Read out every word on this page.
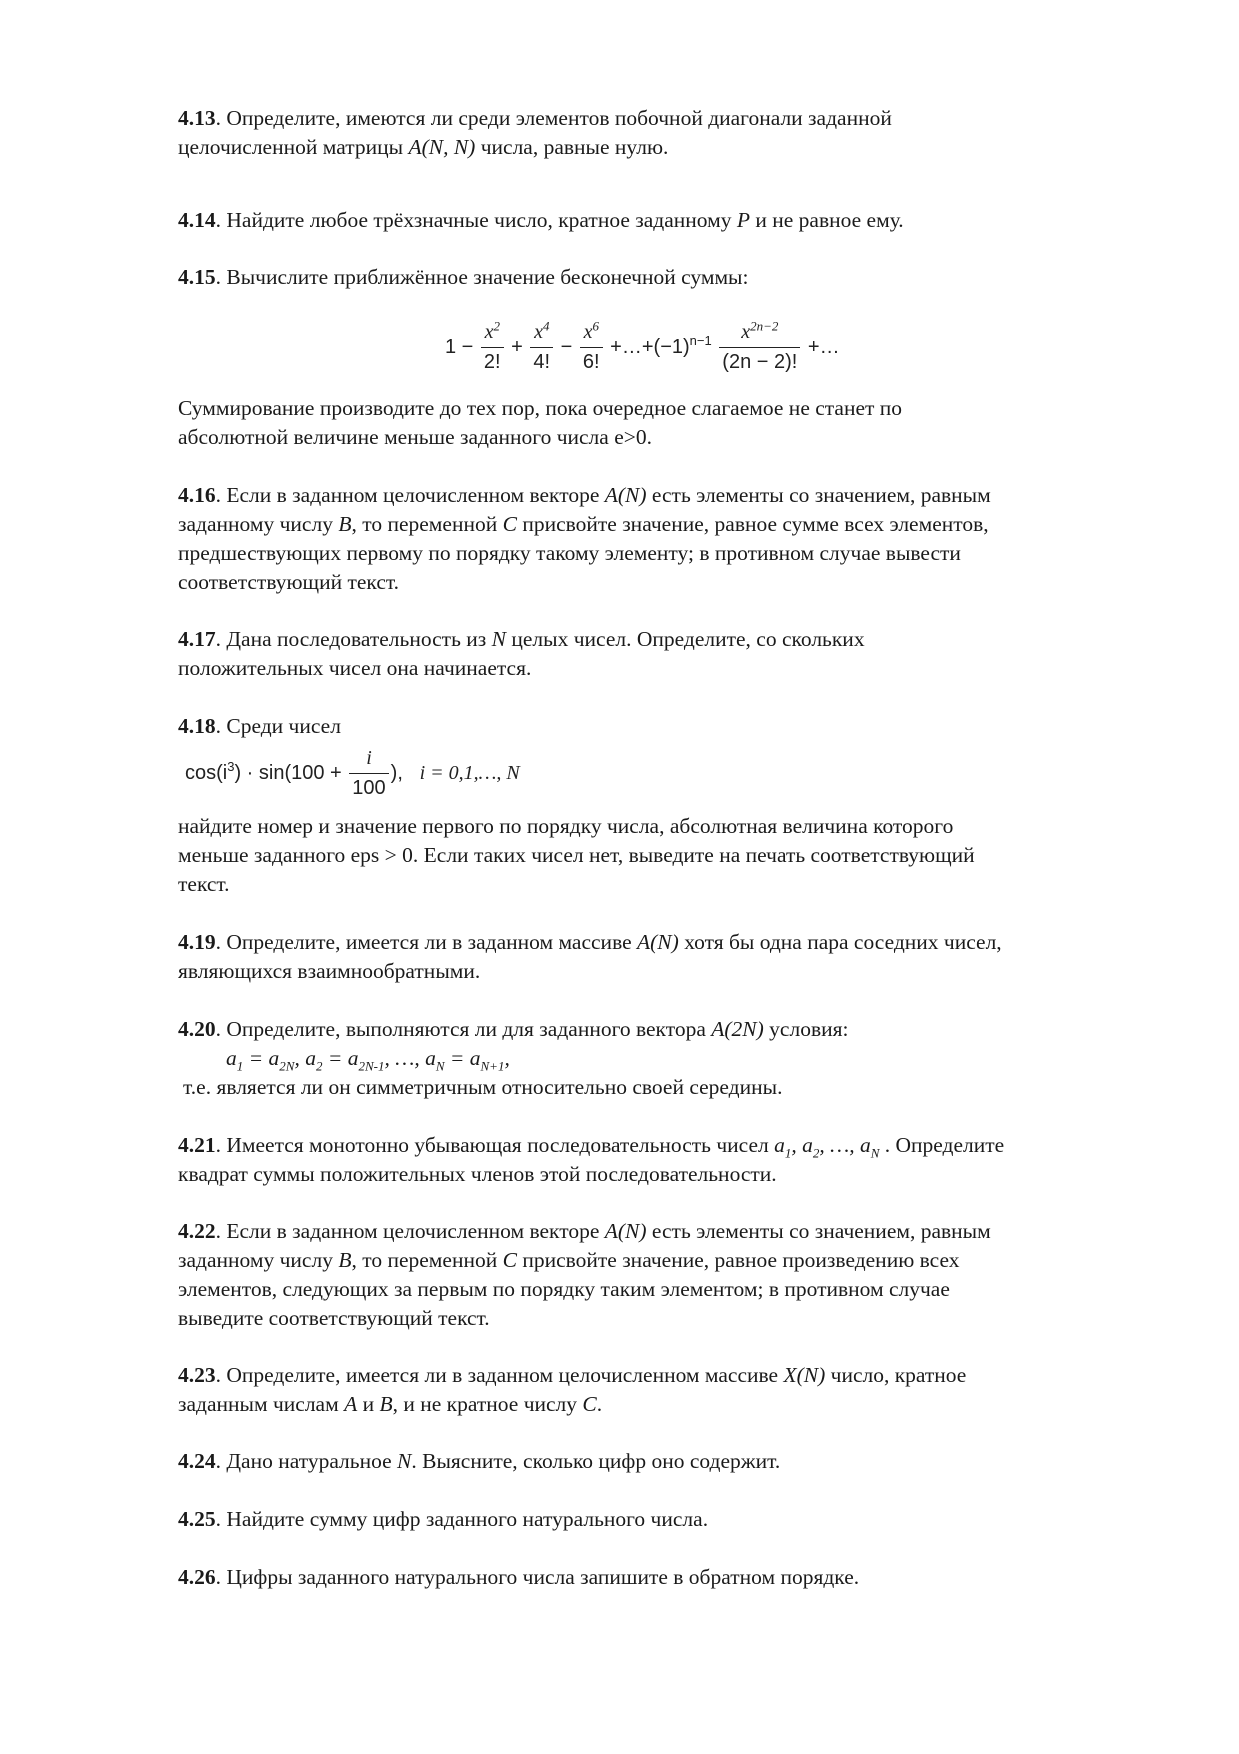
4.13. Определите, имеются ли среди элементов побочной диагонали заданной
целочисленной матрицы A(N, N) числа, равные нулю.
4.14. Найдите любое трёхзначные число, кратное заданному P и не равное ему.
4.15. Вычислите приближённое значение бесконечной суммы:
$1 - \frac{x^2}{2!} + \frac{x^4}{4!} - \frac{x^6}{6!}$ $+\dots+(-1)^{n-1} \frac{x^{2n-2}}{(2n - 2)!}$ +…
Суммирование производите до тех пор, пока очередное слагаемое не станет по
абсолютной величине меньше заданного числа e>0.
4.16. Если в заданном целочисленном векторе A(N) есть элементы со значением, равным
заданному числу B, то переменной C присвойте значение, равное сумме всех элементов,
предшествующих первому по порядку такому элементу; в противном случае вывести
соответствующий текст.
4.17. Дана последовательность из N целых чисел. Определите, со скольких
положительных чисел она начинается.
4.18. Среди чисел
$\cos(i^3) \cdot \sin(100 + \frac{i}{100}$ ), i = 0,1,…, N
найдите номер и значение первого по порядку числа, абсолютная величина которого
меньше заданного eps > 0. Если таких чисел нет, выведите на печать соответствующий
текст.
4.19. Определите, имеется ли в заданном массиве A(N) хотя бы одна пара соседних чисел,
являющихся взаимнообратными.
4.20. Определите, выполняются ли для заданного вектора A(2N) условия:
$a_1 = a_{2N}$, $a_2 = a_{2N-1}$, …, $a_N = a_{N+1}$,
т.е. является ли он симметричным относительно своей середины.
4.21. Имеется монотонно убывающая последовательность чисел $a_1$, $a_2$, …, $a_N$ . Определите
квадрат суммы положительных членов этой последовательности.
4.22. Если в заданном целочисленном векторе A(N) есть элементы со значением, равным
заданному числу B, то переменной C присвойте значение, равное произведению всех
элементов, следующих за первым по порядку таким элементом; в противном случае
выведите соответствующий текст.
4.23. Определите, имеется ли в заданном целочисленном массиве X(N) число, кратное
заданным числам A и B, и не кратное числу C.
4.24. Дано натуральное N. Выясните, сколько цифр оно содержит.
4.25. Найдите сумму цифр заданного натурального числа.
4.26. Цифры заданного натурального числа запишите в обратном порядке.
